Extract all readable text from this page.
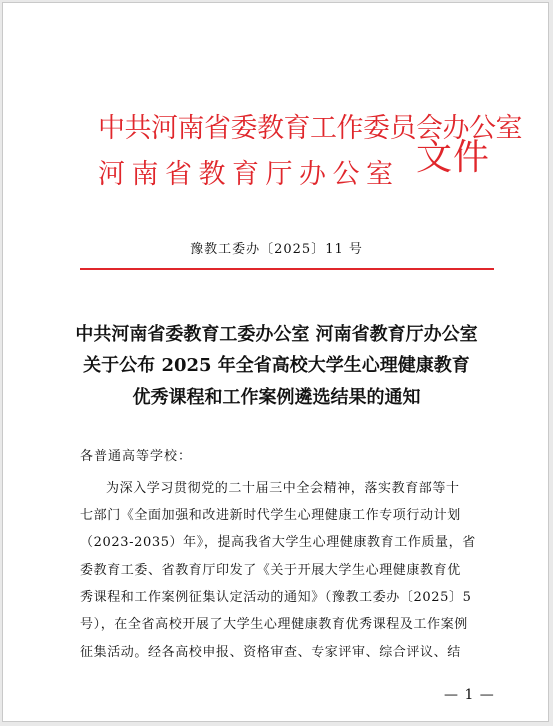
中共河南省委教育工作委员会办公室
河南省教育厅办公室 文件
豫教工委办〔2025〕11 号
中共河南省委教育工委办公室 河南省教育厅办公室
关于公布 2025 年全省高校大学生心理健康教育
优秀课程和工作案例遴选结果的通知
各普通高等学校：
为深入学习贯彻党的二十届三中全会精神，落实教育部等十
七部门《全面加强和改进新时代学生心理健康工作专项行动计划
（2023-2035）年》，提高我省大学生心理健康教育工作质量，省
委教育工委、省教育厅印发了《关于开展大学生心理健康教育优
秀课程和工作案例征集认定活动的通知》（豫教工委办〔2025〕5
号），在全省高校开展了大学生心理健康教育优秀课程及工作案例
征集活动。经各高校申报、资格审查、专家评审、综合评议、结
— 1 —
